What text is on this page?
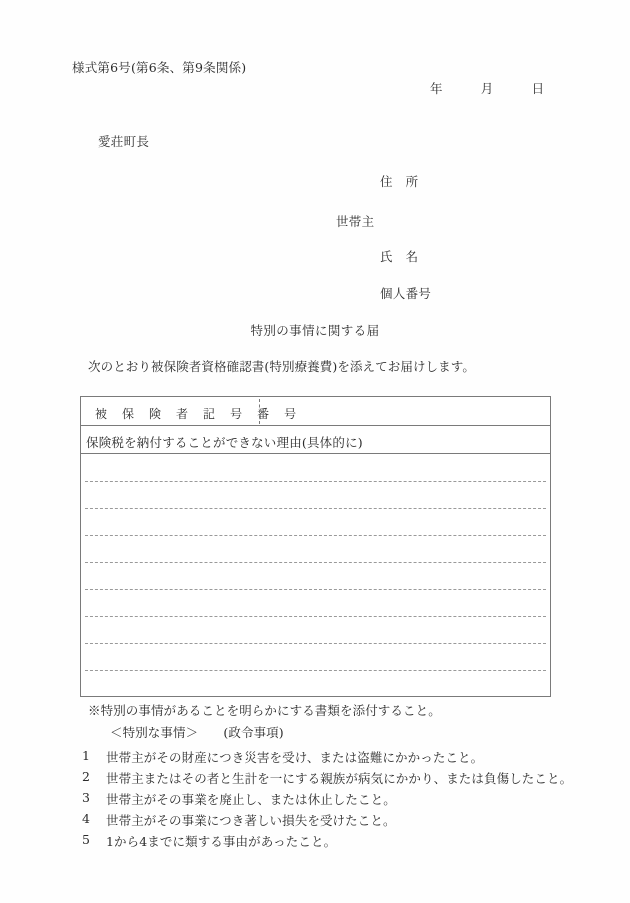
様式第6号(第6条、第9条関係)
年　　　月　　　日
愛荘町長
住　所
世帯主
氏　名
個人番号
特別の事情に関する届
次のとおり被保険者資格確認書(特別療養費)を添えてお届けします。
被 保 険 者 記 号 番 号
保険税を納付することができない理由(具体的に)
※特別の事情があることを明らかにする書類を添付すること。
＜特別な事情＞　　(政令事項)

1

世帯主がその財産につき災害を受け、または盗難にかかったこと。

2

世帯主またはその者と生計を一にする親族が病気にかかり、または負傷したこと。

3

世帯主がその事業を廃止し、または休止したこと。

4

世帯主がその事業につき著しい損失を受けたこと。

5

1から4までに類する事由があったこと。
